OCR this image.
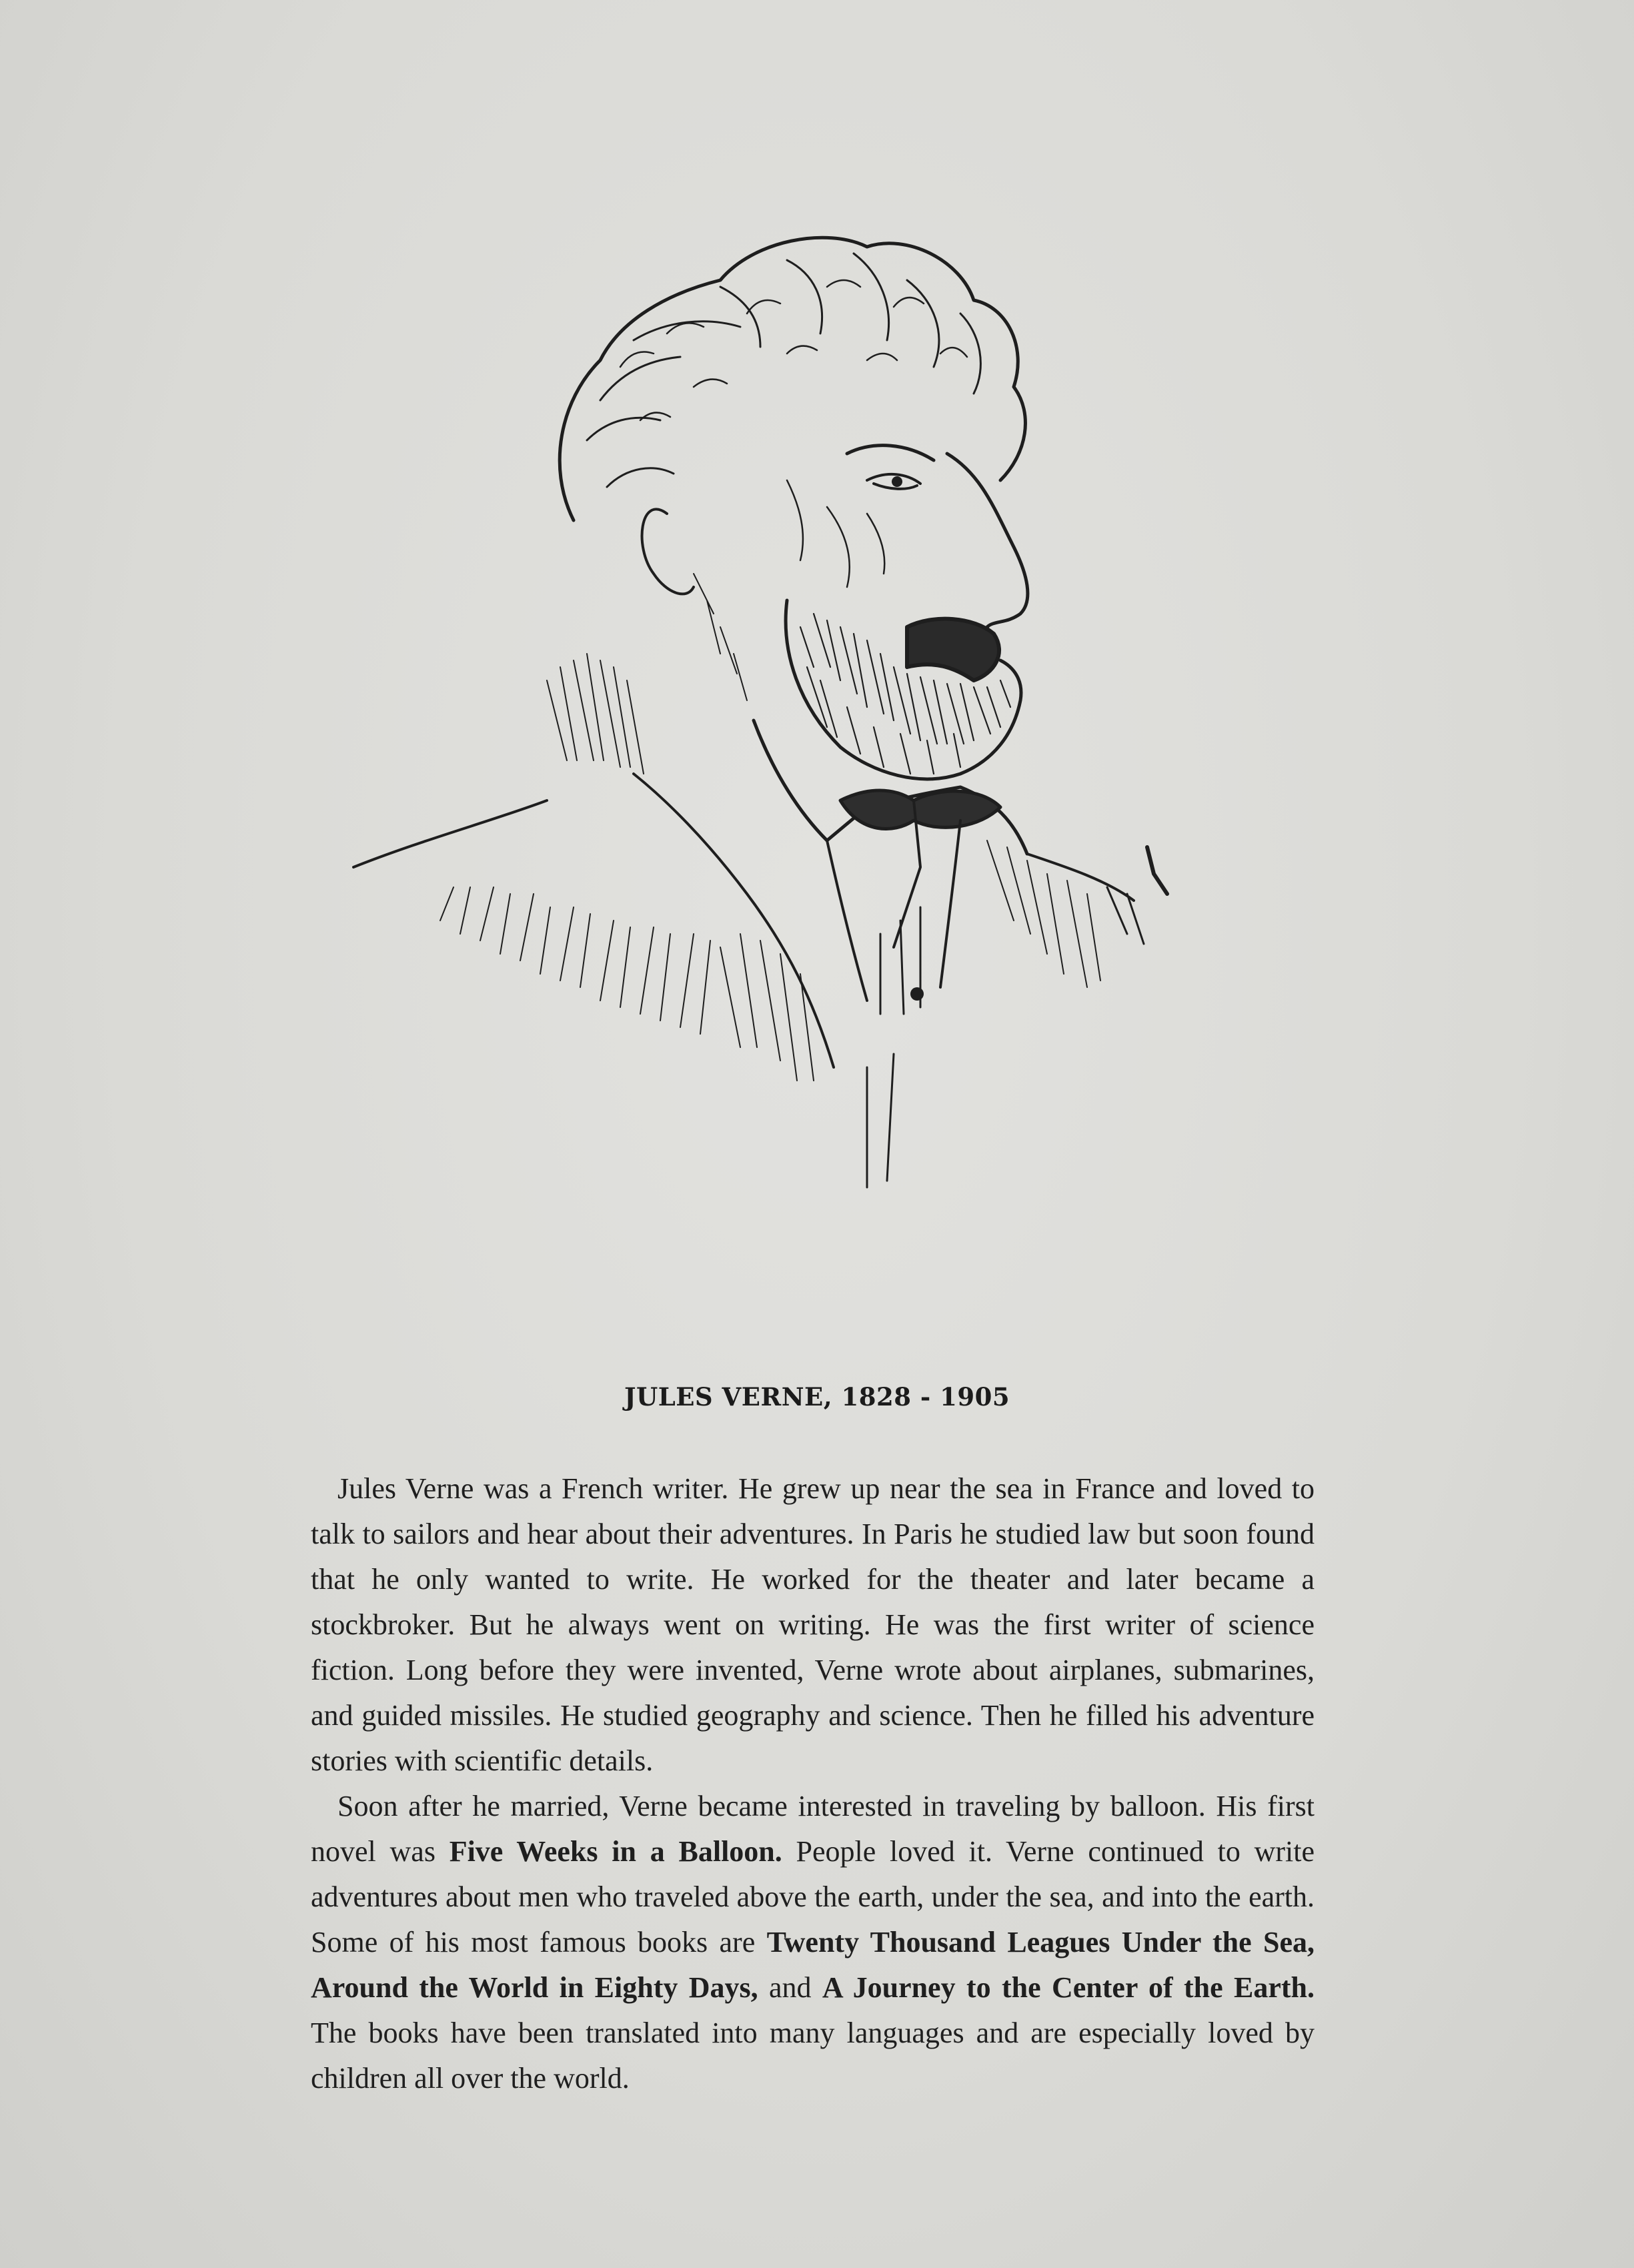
JULES VERNE, 1828 - 1905

Jules Verne was a French writer. He grew up near the sea in France and loved to talk to sailors and hear about their adventures. In Paris he studied law but soon found that he only wanted to write. He worked for the theater and later became a stockbroker. But he always went on writing. He was the first writer of science fiction. Long before they were invented, Verne wrote about airplanes, submarines, and guided missiles. He studied geography and science. Then he filled his adventure stories with scientific details.

Soon after he married, Verne became interested in traveling by balloon. His first novel was Five Weeks in a Balloon. People loved it. Verne continued to write adventures about men who traveled above the earth, under the sea, and into the earth. Some of his most famous books are Twenty Thousand Leagues Under the Sea, Around the World in Eighty Days, and A Journey to the Center of the Earth. The books have been translated into many languages and are especially loved by children all over the world.
